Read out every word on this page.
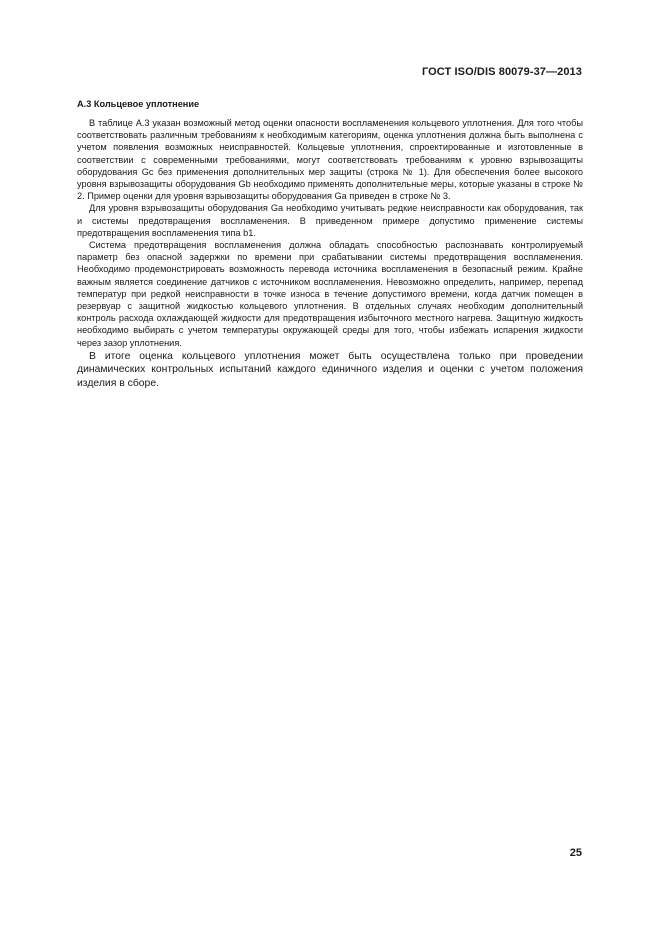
ГОСТ ISO/DIS 80079-37—2013
А.3 Кольцевое уплотнение

В таблице А.3 указан возможный метод оценки опасности воспламенения кольцевого уплотнения. Для того чтобы соответствовать различным требованиям к необходимым категориям, оценка уплотнения должна быть выполнена с учетом появления возможных неисправностей. Кольцевые уплотнения, спроектированные и изготовленные в соответствии с современными требованиями, могут соответствовать требованиям к уровню взрывозащиты оборудования Gc без применения дополнительных мер защиты (строка № 1). Для обеспечения более высокого уровня взрывозащиты оборудования Gb необходимо применять дополнительные меры, которые указаны в строке № 2. Пример оценки для уровня взрывозащиты оборудования Ga приведен в строке № 3.

Для уровня взрывозащиты оборудования Ga необходимо учитывать редкие неисправности как оборудования, так и системы предотвращения воспламенения. В приведенном примере допустимо применение системы предотвращения воспламенения типа b1.

Система предотвращения воспламенения должна обладать способностью распознавать контролируемый параметр без опасной задержки по времени при срабатывании системы предотвращения воспламенения. Необходимо продемонстрировать возможность перевода источника воспламенения в безопасный режим. Крайне важным является соединение датчиков с источником воспламенения. Невозможно определить, например, перепад температур при редкой неисправности в точке износа в течение допустимого времени, когда датчик помещен в резервуар с защитной жидкостью кольцевого уплотнения. В отдельных случаях необходим дополнительный контроль расхода охлаждающей жидкости для предотвращения избыточного местного нагрева. Защитную жидкость необходимо выбирать с учетом температуры окружающей среды для того, чтобы избежать испарения жидкости через зазор уплотнения.

В итоге оценка кольцевого уплотнения может быть осуществлена только при проведении динамических контрольных испытаний каждого единичного изделия и оценки с учетом положения изделия в сборе.

25
